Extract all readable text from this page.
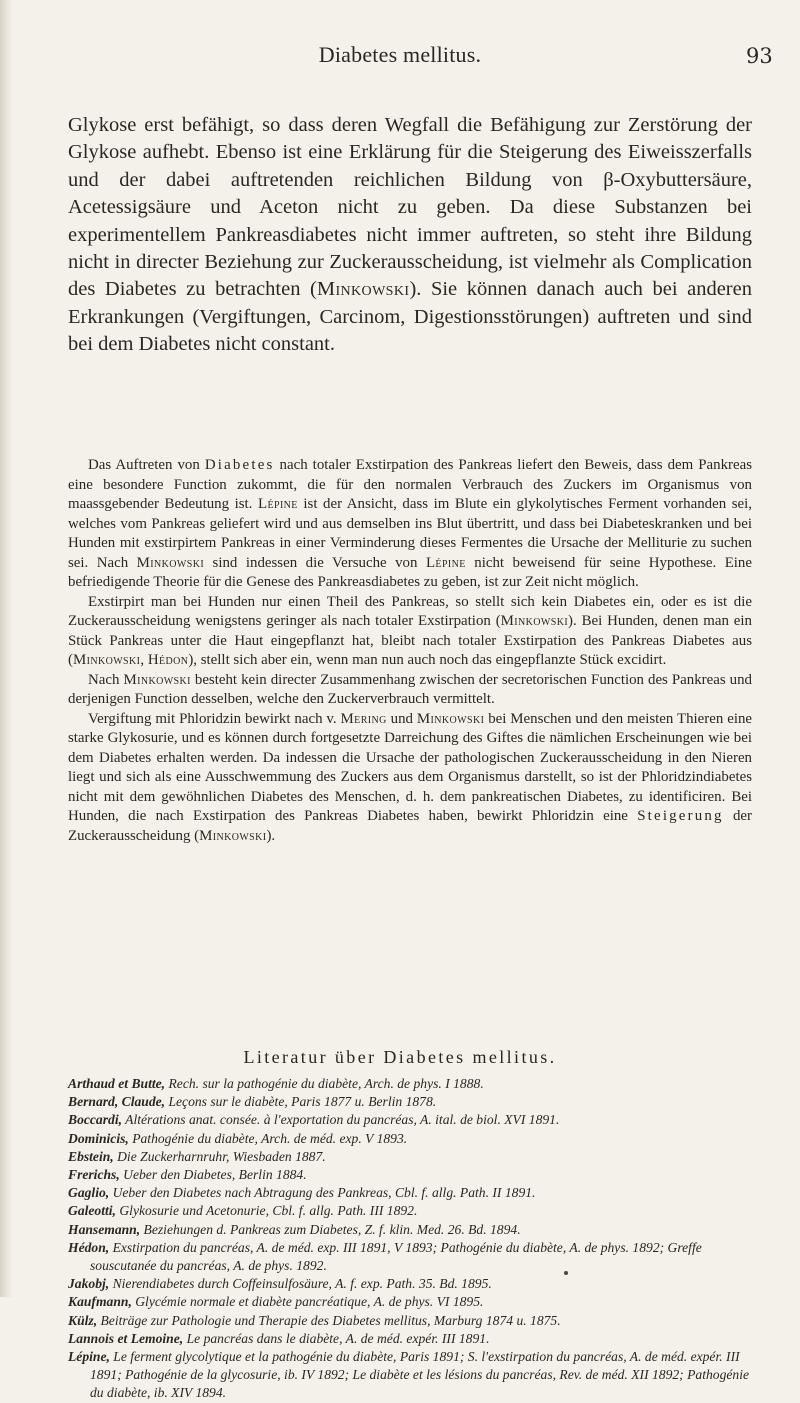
Diabetes mellitus.	93

Glykose erst befähigt, so dass deren Wegfall die Befähigung zur Zerstörung der Glykose aufhebt. Ebenso ist eine Erklärung für die Steigerung des Eiweisszerfalls und der dabei auftretenden reichlichen Bildung von β-Oxybuttersäure, Acetessigsäure und Aceton nicht zu geben. Da diese Substanzen bei experimentellem Pankreasdiabetes nicht immer auftreten, so steht ihre Bildung nicht in directer Beziehung zur Zuckerausscheidung, ist vielmehr als Complication des Diabetes zu betrachten (Minkowski). Sie können danach auch bei anderen Erkrankungen (Vergiftungen, Carcinom, Digestionsstörungen) auftreten und sind bei dem Diabetes nicht constant.

Das Auftreten von Diabetes nach totaler Exstirpation des Pankreas liefert den Beweis, dass dem Pankreas eine besondere Function zukommt, die für den normalen Verbrauch des Zuckers im Organismus von maassgebender Bedeutung ist. Lépine ist der Ansicht, dass im Blute ein glykolytisches Ferment vorhanden sei, welches vom Pankreas geliefert wird und aus demselben ins Blut übertritt, und dass bei Diabeteskranken und bei Hunden mit exstirpirtem Pankreas in einer Verminderung dieses Fermentes die Ursache der Melliturie zu suchen sei. Nach Minkowski sind indessen die Versuche von Lépine nicht beweisend für seine Hypothese. Eine befriedigende Theorie für die Genese des Pankreasdiabetes zu geben, ist zur Zeit nicht möglich.

Exstirpirt man bei Hunden nur einen Theil des Pankreas, so stellt sich kein Diabetes ein, oder es ist die Zuckerausscheidung wenigstens geringer als nach totaler Exstirpation (Minkowski). Bei Hunden, denen man ein Stück Pankreas unter die Haut eingepflanzt hat, bleibt nach totaler Exstirpation des Pankreas Diabetes aus (Minkowski, Hédon), stellt sich aber ein, wenn man nun auch noch das eingepflanzte Stück excidirt.

Nach Minkowski besteht kein directer Zusammenhang zwischen der secretorischen Function des Pankreas und derjenigen Function desselben, welche den Zuckerverbrauch vermittelt.

Vergiftung mit Phloridzin bewirkt nach v. Mering und Minkowski bei Menschen und den meisten Thieren eine starke Glykosurie, und es können durch fortgesetzte Darreichung des Giftes die nämlichen Erscheinungen wie bei dem Diabetes erhalten werden. Da indessen die Ursache der pathologischen Zuckerausscheidung in den Nieren liegt und sich als eine Ausschwemmung des Zuckers aus dem Organismus darstellt, so ist der Phloridzindiabetes nicht mit dem gewöhnlichen Diabetes des Menschen, d. h. dem pankreatischen Diabetes, zu identificiren. Bei Hunden, die nach Exstirpation des Pankreas Diabetes haben, bewirkt Phloridzin eine Steigerung der Zuckerausscheidung (Minkowski).

Literatur über Diabetes mellitus.

Arthaud et Butte, Rech. sur la pathogénie du diabète, Arch. de phys. I 1888.

Bernard, Claude, Leçons sur le diabète, Paris 1877 u. Berlin 1878.

Boccardi, Altérations anat. consée. à l'exportation du pancréas, A. ital. de biol. XVI 1891.

Dominicis, Pathogénie du diabète, Arch. de méd. exp. V 1893.

Ebstein, Die Zuckerharnruhr, Wiesbaden 1887.

Frerichs, Ueber den Diabetes, Berlin 1884.

Gaglio, Ueber den Diabetes nach Abtragung des Pankreas, Cbl. f. allg. Path. II 1891.

Galeotti, Glykosurie und Acetonurie, Cbl. f. allg. Path. III 1892.

Hansemann, Beziehungen d. Pankreas zum Diabetes, Z. f. klin. Med. 26. Bd. 1894.

Hédon, Exstirpation du pancréas, A. de méd. exp. III 1891, V 1893; Pathogénie du diabète, A. de phys. 1892; Greffe souscutanée du pancréas, A. de phys. 1892.

Jakobj, Nierendiabetes durch Coffeinsulfosäure, A. f. exp. Path. 35. Bd. 1895.

Kaufmann, Glycémie normale et diabète pancréatique, A. de phys. VI 1895.

Külz, Beiträge zur Pathologie und Therapie des Diabetes mellitus, Marburg 1874 u. 1875.

Lannois et Lemoine, Le pancréas dans le diabète, A. de méd. expér. III 1891.

Lépine, Le ferment glycolytique et la pathogénie du diabète, Paris 1891; S. l'exstirpation du pancréas, A. de méd. expér. III 1891; Pathogénie de la glycosurie, ib. IV 1892; Le diabète et les lésions du pancréas, Rev. de méd. XII 1892; Pathogénie du diabète, ib. XIV 1894.
